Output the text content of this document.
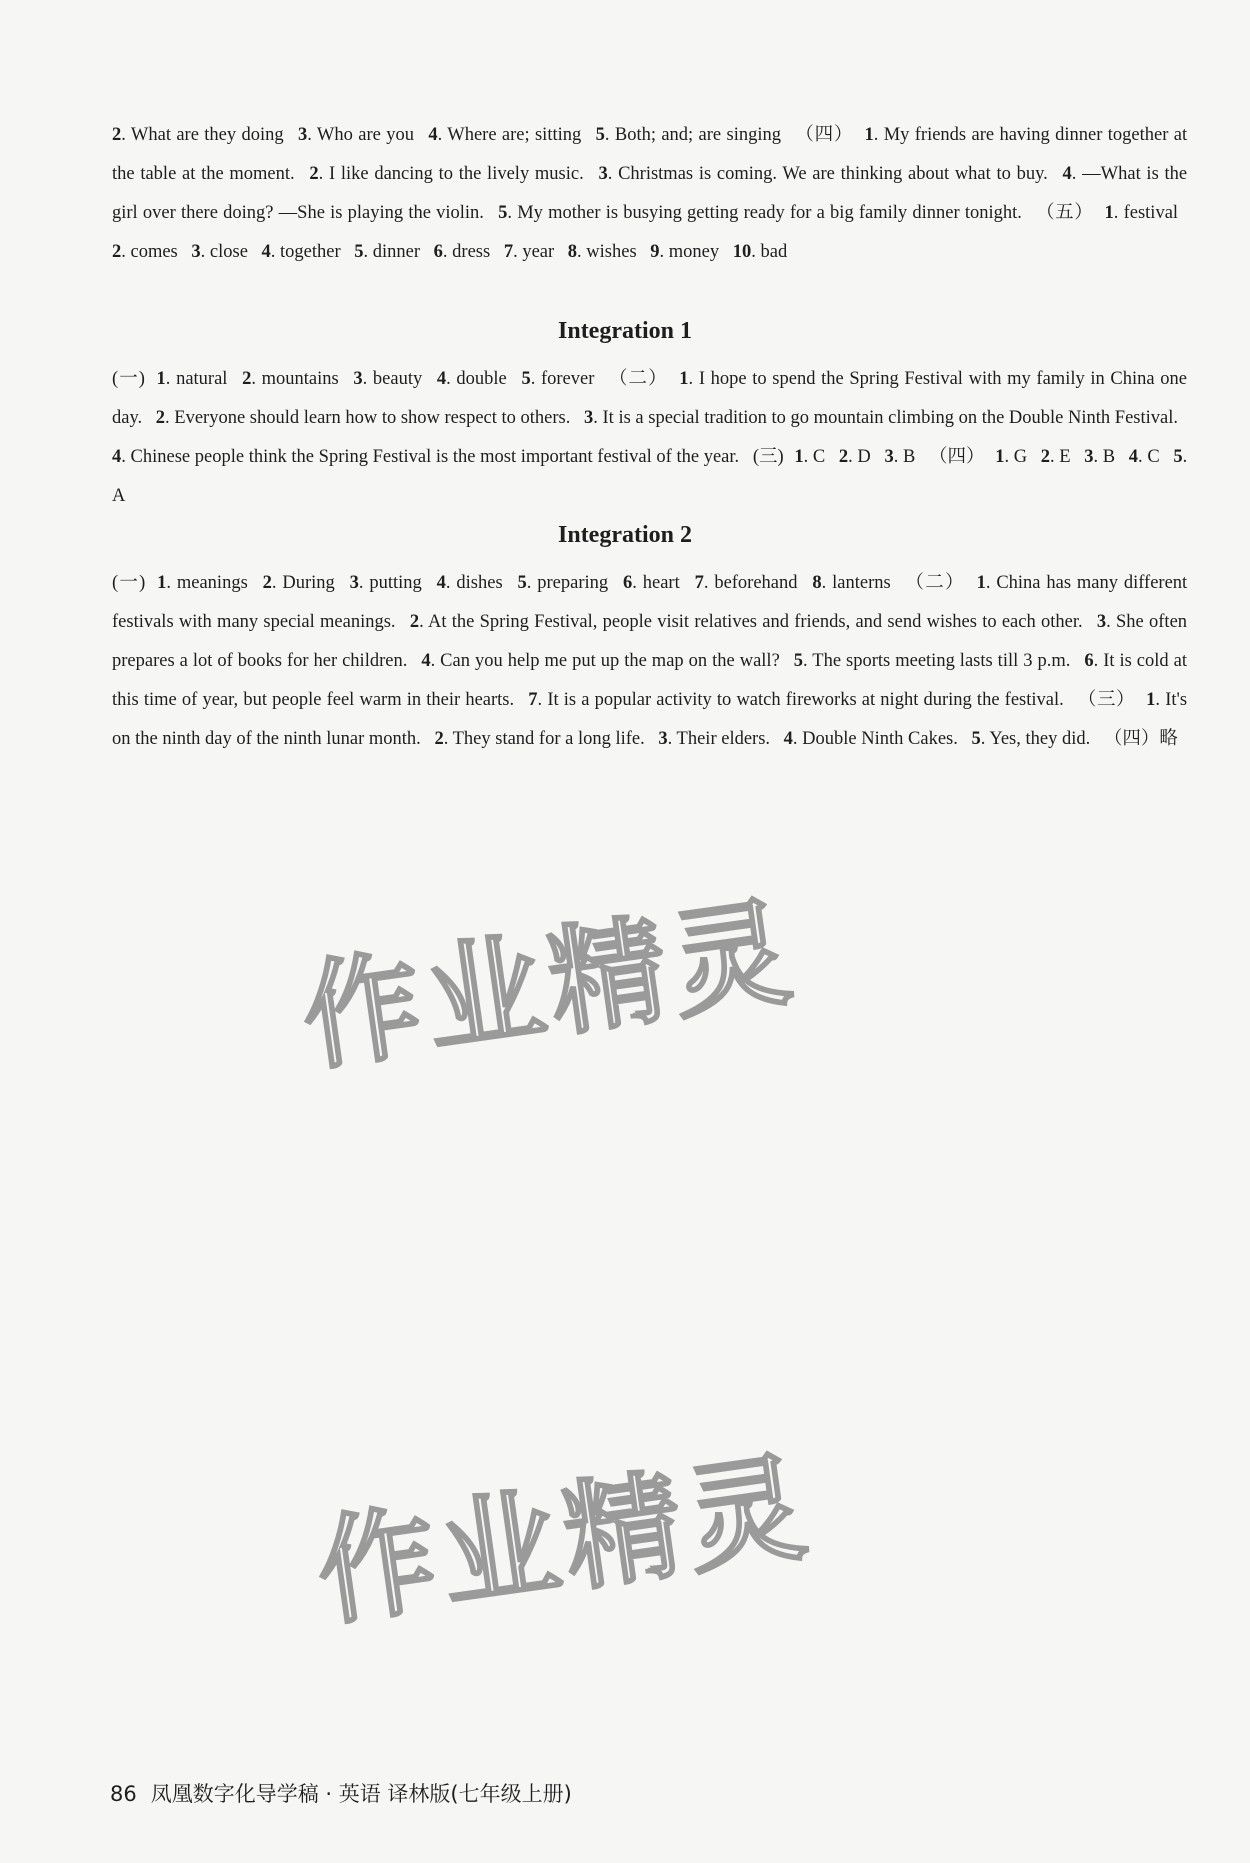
2. What are they doing 3. Who are you 4. Where are; sitting 5. Both; and; are singing （四） 1. My friends are having dinner together at the table at the moment. 2. I like dancing to the lively music. 3. Christmas is coming. We are thinking about what to buy. 4. —What is the girl over there doing? —She is playing the violin. 5. My mother is busying getting ready for a big family dinner tonight. （五） 1. festival 2. comes 3. close 4. together 5. dinner 6. dress 7. year 8. wishes 9. money 10. bad
Integration 1
(一) 1. natural 2. mountains 3. beauty 4. double 5. forever （二） 1. I hope to spend the Spring Festival with my family in China one day. 2. Everyone should learn how to show respect to others. 3. It is a special tradition to go mountain climbing on the Double Ninth Festival. 4. Chinese people think the Spring Festival is the most important festival of the year. (三) 1. C 2. D 3. B （四） 1. G 2. E 3. B 4. C 5. A
Integration 2
(一) 1. meanings 2. During 3. putting 4. dishes 5. preparing 6. heart 7. beforehand 8. lanterns （二） 1. China has many different festivals with many special meanings. 2. At the Spring Festival, people visit relatives and friends, and send wishes to each other. 3. She often prepares a lot of books for her children. 4. Can you help me put up the map on the wall? 5. The sports meeting lasts till 3 p.m. 6. It is cold at this time of year, but people feel warm in their hearts. 7. It is a popular activity to watch fireworks at night during the festival. （三） 1. It's on the ninth day of the ninth lunar month. 2. They stand for a long life. 3. Their elders. 4. Double Ninth Cakes. 5. Yes, they did. （四）略
作业精灵
作业精灵
86 凤凰数字化导学稿 · 英语 译林版(七年级上册)
